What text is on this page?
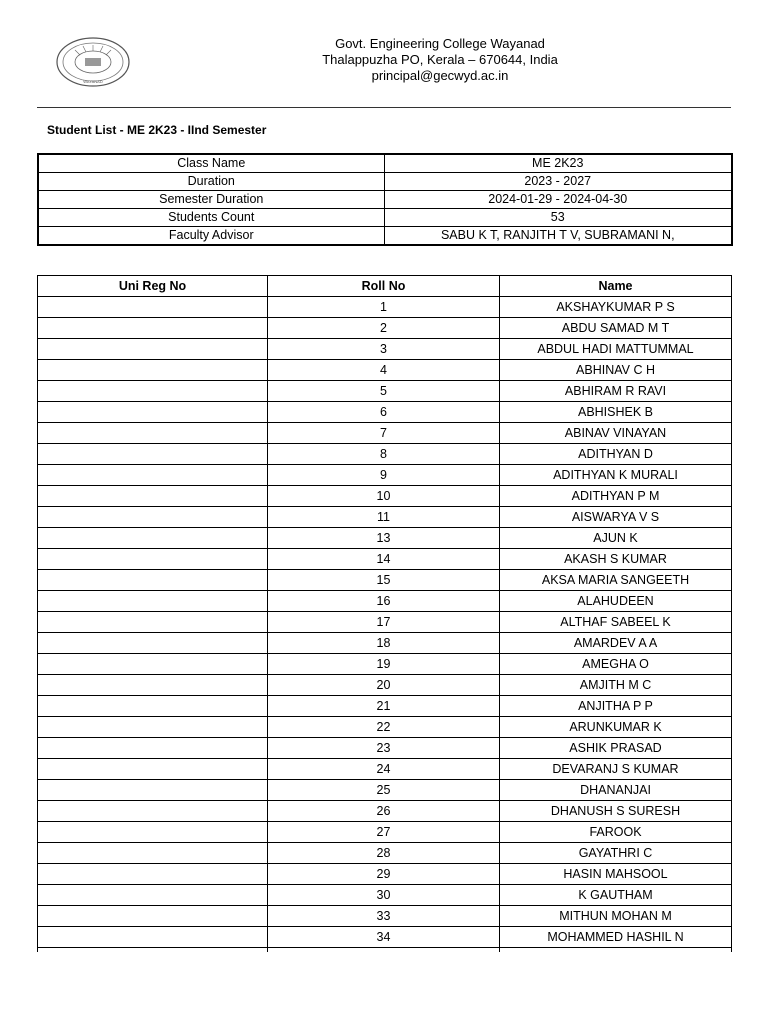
WAYANAD
Govt. Engineering College Wayanad
Thalappuzha PO, Kerala – 670644, India
principal@gecwyd.ac.in
Student List - ME 2K23 - IInd Semester
Class Name	ME 2K23
Duration	2023 - 2027
Semester Duration	2024-01-29 - 2024-04-30
Students Count	53
Faculty Advisor	SABU K T, RANJITH T V, SUBRAMANI N,
Uni Reg No	Roll No	Name
	1	AKSHAYKUMAR P S
	2	ABDU SAMAD M T
	3	ABDUL HADI MATTUMMAL
	4	ABHINAV C H
	5	ABHIRAM R RAVI
	6	ABHISHEK B
	7	ABINAV VINAYAN
	8	ADITHYAN D
	9	ADITHYAN K MURALI
	10	ADITHYAN P M
	11	AISWARYA V S
	13	AJUN K
	14	AKASH S KUMAR
	15	AKSA MARIA SANGEETH
	16	ALAHUDEEN
	17	ALTHAF SABEEL K
	18	AMARDEV A A
	19	AMEGHA O
	20	AMJITH M C
	21	ANJITHA P P
	22	ARUNKUMAR K
	23	ASHIK PRASAD
	24	DEVARANJ S KUMAR
	25	DHANANJAI
	26	DHANUSH S SURESH
	27	FAROOK
	28	GAYATHRI C
	29	HASIN MAHSOOL
	30	K GAUTHAM
	33	MITHUN MOHAN M
	34	MOHAMMED HASHIL N
